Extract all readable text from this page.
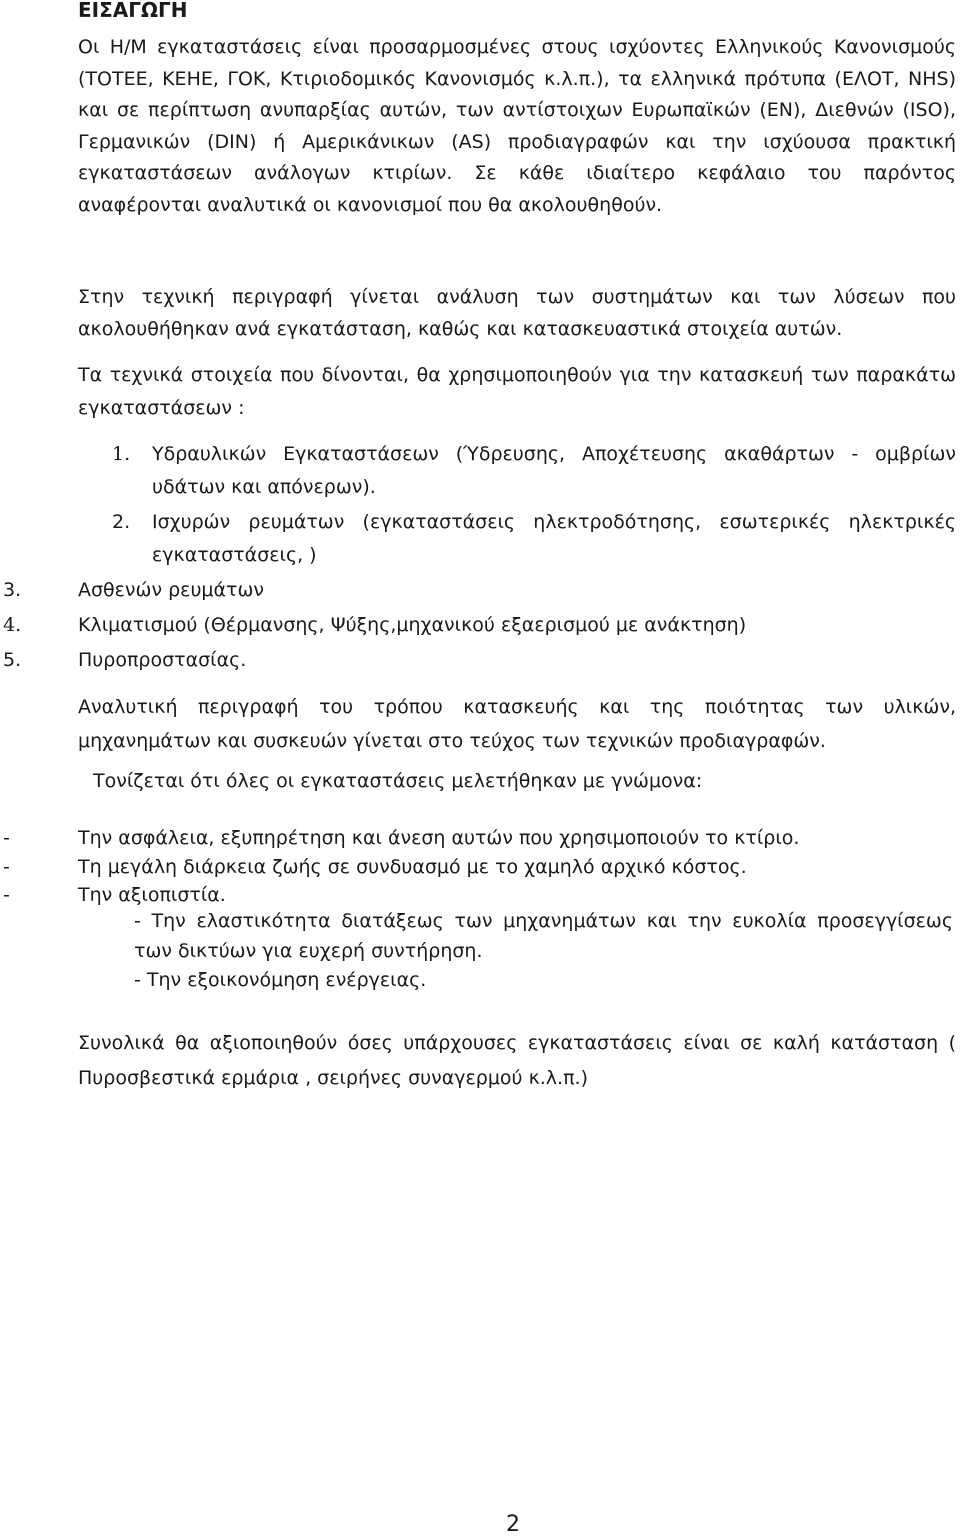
ΕΙΣΑΓΩΓΗ

Οι Η/Μ εγκαταστάσεις είναι προσαρμοσμένες στους ισχύοντες Ελληνικούς Κανονισμούς (ΤΟΤΕΕ, ΚΕΗΕ, ΓΟΚ, Κτιριοδομικός Κανονισμός κ.λ.π.), τα ελληνικά πρότυπα (ΕΛΟΤ, NHS) και σε περίπτωση ανυπαρξίας αυτών, των αντίστοιχων Ευρωπαϊκών (EN), Διεθνών (ISO), Γερμανικών (DIN) ή Αμερικάνικων (AS) προδιαγραφών και την ισχύουσα πρακτική εγκαταστάσεων ανάλογων κτιρίων. Σε κάθε ιδιαίτερο κεφάλαιο του παρόντος αναφέρονται αναλυτικά οι κανονισμοί που θα ακολουθηθούν.

Στην τεχνική περιγραφή γίνεται ανάλυση των συστημάτων και των λύσεων που ακολουθήθηκαν ανά εγκατάσταση, καθώς και κατασκευαστικά στοιχεία αυτών.

Τα τεχνικά στοιχεία που δίνονται, θα χρησιμοποιηθούν για την κατασκευή των παρακάτω εγκαταστάσεων :

1. Υδραυλικών Εγκαταστάσεων (Ύδρευσης, Αποχέτευσης ακαθάρτων - ομβρίων υδάτων και απόνερων).
2. Ισχυρών ρευμάτων (εγκαταστάσεις ηλεκτροδότησης, εσωτερικές ηλεκτρικές εγκαταστάσεις, )
3.	Ασθενών ρευμάτων
4.	Κλιματισμού (Θέρμανσης, Ψύξης,μηχανικού εξαερισμού με ανάκτηση)
5.	Πυροπροστασίας.

Αναλυτική περιγραφή του τρόπου κατασκευής και της ποιότητας των υλικών, μηχανημάτων και συσκευών γίνεται στο τεύχος των τεχνικών προδιαγραφών.

Τονίζεται ότι όλες οι εγκαταστάσεις μελετήθηκαν με γνώμονα:
-	Την ασφάλεια, εξυπηρέτηση και άνεση αυτών που χρησιμοποιούν το κτίριο.
-	Τη μεγάλη διάρκεια ζωής σε συνδυασμό με το χαμηλό αρχικό κόστος.
-	Την αξιοπιστία.
- Την ελαστικότητα διατάξεως των μηχανημάτων και την ευκολία προσεγγίσεως των δικτύων για ευχερή συντήρηση.
- Την εξοικονόμηση ενέργειας.

Συνολικά θα αξιοποιηθούν όσες υπάρχουσες εγκαταστάσεις είναι σε καλή κατάσταση ( Πυροσβεστικά ερμάρια , σειρήνες συναγερμού κ.λ.π.)

2
